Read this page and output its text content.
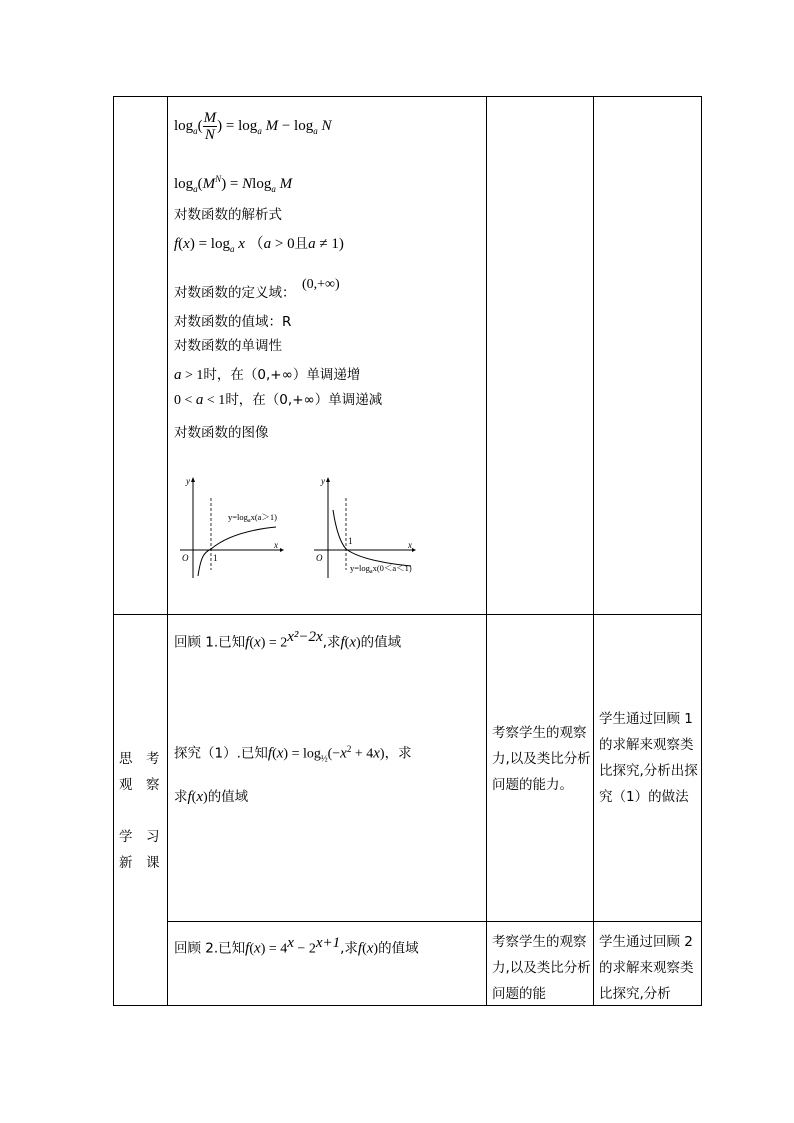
$\log_a( \frac{M}{N}$ ) = $\log_a M - \log_a N$
$\log_a(M^N) = Nlog_a$ M
对数函数的解析式
$f(x) = \log_a x$ （a > 0且a ≠ 1)
对数函数的定义域：
(0,+∞)
对数函数的值域：R
对数函数的单调性
a > 1时，在（0,+∞）单调递增
0 < a < 1时，在（0,+∞）单调递减
对数函数的图像
y
x
O	1
$y=\log_ax(a>1)$
y
x
O
1
$y=\log_ax(0<a<1)$
思　考
观　察
学　习
新　课
回顾 1.已知$f(x) = 2^{x^2-2x}$,求f(x)的值域
探究（1）.已知$f(x) = \log_{\frac{1}{2}}(-x^2 + 4x)$，求
求f(x)的值域
考察学生的观察力,以及类比分析问题的能力。
学生通过回顾 1 的求解来观察类比探究,分析出探究（1）的做法
回顾 2.已知$f(x) = 4^x - 2^{x+1}$,求f(x)的值域	考察学生的观察力,以及类比分析问题的能
学生通过回顾 2 的求解来观察类比探究,分析
